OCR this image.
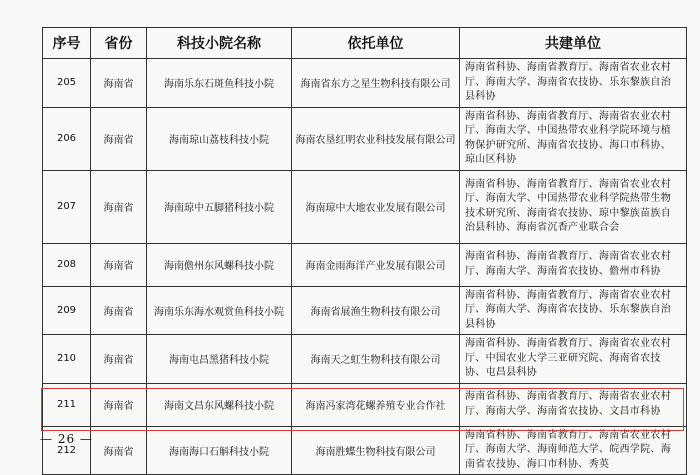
序号	省份	科技小院名称	依托单位	共建单位
205	海南省	海南乐东石斑鱼科技小院	海南省东方之星生物科技有限公司	海南省科协、海南省教育厅、海南省农业农村厅、海南大学、海南省农技协、乐东黎族自治县科协
206	海南省	海南琼山荔枝科技小院	海南农垦红明农业科技发展有限公司	海南省科协、海南省教育厅、海南省农业农村厅、海南大学、中国热带农业科学院环境与植物保护研究所、海南省农技协、海口市科协、琼山区科协
207	海南省	海南琼中五脚猪科技小院	海南琼中大地农业发展有限公司	海南省科协、海南省教育厅、海南省农业农村厅、海南大学、中国热带农业科学院热带生物技术研究所、海南省农技协、琼中黎族苗族自治县科协、海南省沉香产业联合会
208	海南省	海南儋州东风螺科技小院	海南金雨海洋产业发展有限公司	海南省科协、海南省教育厅、海南省农业农村厅、海南大学、海南省农技协、儋州市科协
209	海南省	海南乐东海水观赏鱼科技小院	海南省展渔生物科技有限公司	海南省科协、海南省教育厅、海南省农业农村厅、海南大学、海南省农技协、乐东黎族自治县科协
210	海南省	海南屯昌黑猪科技小院	海南天之虹生物科技有限公司	海南省科协、海南省教育厅、海南省农业农村厅、中国农业大学三亚研究院、海南省农技协、屯昌县科协
211	海南省	海南文昌东风螺科技小院	海南冯家湾花螺养殖专业合作社	海南省科协、海南省教育厅、海南省农业农村厅、海南大学、海南省农技协、文昌市科协
212	海南省	海南海口石斛科技小院	海南胜蝶生物科技有限公司	海南省科协、海南省教育厅、海南省农业农村厅、海南大学、海南师范大学、皖西学院、海南省农技协、海口市科协、秀英
— 26 —
